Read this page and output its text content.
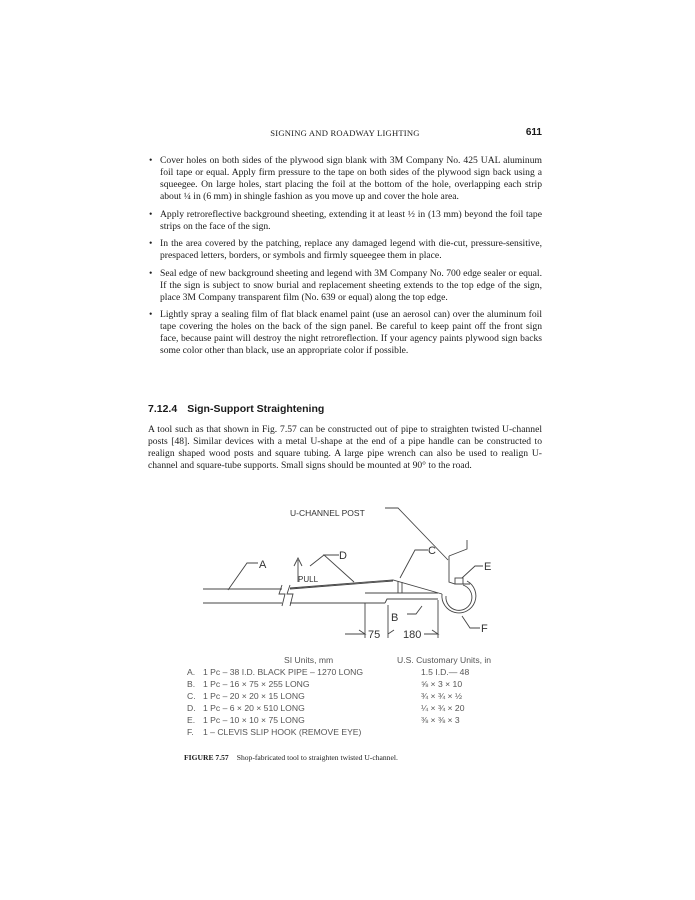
SIGNING AND ROADWAY LIGHTING	611
• Cover holes on both sides of the plywood sign blank with 3M Company No. 425 UAL aluminum foil tape or equal. Apply firm pressure to the tape on both sides of the plywood sign back using a squeegee. On large holes, start placing the foil at the bottom of the hole, overlapping each strip about ¼ in (6 mm) in shingle fashion as you move up and cover the hole area.
• Apply retroreflective background sheeting, extending it at least ½ in (13 mm) beyond the foil tape strips on the face of the sign.
• In the area covered by the patching, replace any damaged legend with die-cut, pressure-sensitive, prespaced letters, borders, or symbols and firmly squeegee them in place.
• Seal edge of new background sheeting and legend with 3M Company No. 700 edge sealer or equal. If the sign is subject to snow burial and replacement sheeting extends to the top edge of the sign, place 3M Company transparent film (No. 639 or equal) along the top edge.
• Lightly spray a sealing film of flat black enamel paint (use an aerosol can) over the aluminum foil tape covering the holes on the back of the sign panel. Be careful to keep paint off the front sign face, because paint will destroy the night retroreflection. If your agency paints plywood sign backs some color other than black, use an appropriate color if possible.
7.12.4 Sign-Support Straightening

A tool such as that shown in Fig. 7.57 can be constructed out of pipe to straighten twisted U-channel posts [48]. Similar devices with a metal U-shape at the end of a pipe handle can be constructed to realign shaped wood posts and square tubing. A large pipe wrench can also be used to realign U-channel and square-tube supports. Small signs should be mounted at 90° to the road.

U-CHANNEL POST
A
D	C
E
B
F
PULL
75 180
SI Units, mm	U.S. Customary Units, in
A. 1 Pc – 38 I.D. BLACK PIPE – 1270 LONG	1.5 I.D.— 48
B. 1 Pc – 16 × 75 × 255 LONG	⅝ × 3 × 10
C. 1 Pc – 20 × 20 × 15 LONG	¾ × ¾ × ½
D. 1 Pc – 6 × 20 × 510 LONG	¼ × ¾ × 20
E. 1 Pc – 10 × 10 × 75 LONG	⅜ × ⅜ × 3
F. 1 – CLEVIS SLIP HOOK (REMOVE EYE)
FIGURE 7.57 Shop-fabricated tool to straighten twisted U-channel.
